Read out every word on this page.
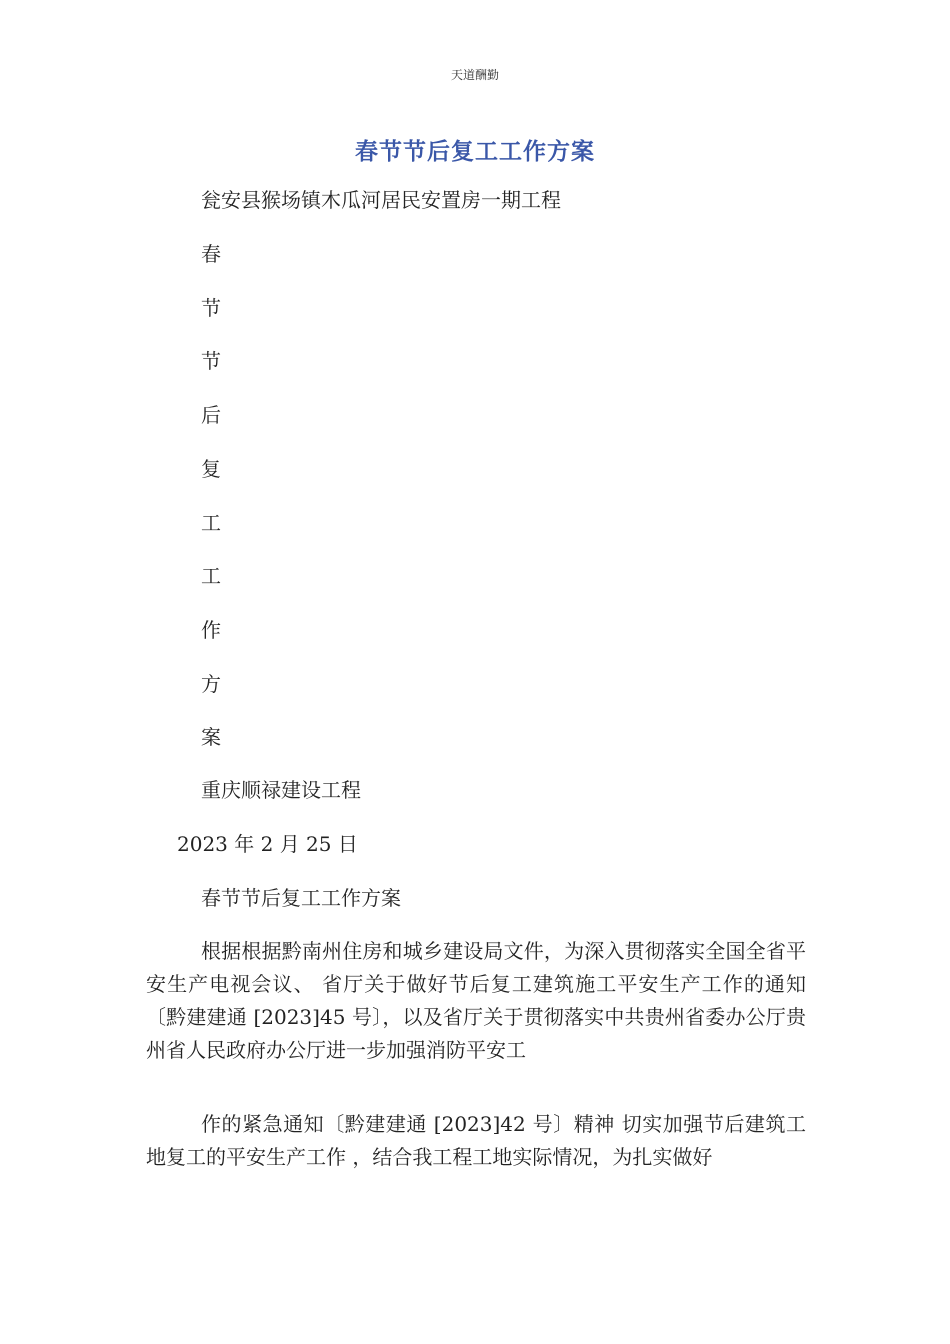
天道酬勤
春节节后复工工作方案
瓮安县猴场镇木瓜河居民安置房一期工程
春
节
节
后
复
工
工
作
方
案
重庆顺禄建设工程
2023 年 2 月 25 日
春节节后复工工作方案
根据根据黔南州住房和城乡建设局文件，为深入贯彻落实全国全省平安生产电视会议、 省厅关于做好节后复工建筑施工平安生产工作的通知〔黔建建通 [2023]45 号〕，以及省厅关于贯彻落实中共贵州省委办公厅贵州省人民政府办公厅进一步加强消防平安工
作的紧急通知〔黔建建通 [2023]42 号〕精神 切实加强节后建筑工地复工的平安生产工作 ，结合我工程工地实际情况，为扎实做好
